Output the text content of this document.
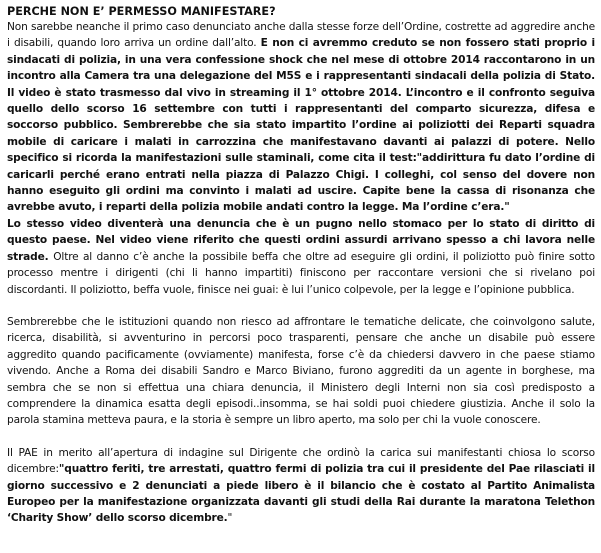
PERCHE NON E’ PERMESSO MANIFESTARE?

Non sarebbe neanche il primo caso denunciato anche dalla stesse forze dell’Ordine, costrette ad aggredire anche i disabili, quando loro arriva un ordine dall’alto. E non ci avremmo creduto se non fossero stati proprio i sindacati di polizia, in una vera confessione shock che nel mese di ottobre 2014 raccontarono in un incontro alla Camera tra una delegazione del M5S e i rappresentanti sindacali della polizia di Stato. Il video è stato trasmesso dal vivo in streaming il 1° ottobre 2014. L’incontro e il confronto seguiva quello dello scorso 16 settembre con tutti i rappresentanti del comparto sicurezza, difesa e soccorso pubblico. Sembrerebbe che sia stato impartito l’ordine ai poliziotti dei Reparti squadra mobile di caricare i malati in carrozzina che manifestavano davanti ai palazzi di potere. Nello specifico si ricorda la manifestazioni sulle staminali, come cita il test:"addirittura fu dato l’ordine di caricarli perché erano entrati nella piazza di Palazzo Chigi. I colleghi, col senso del dovere non hanno eseguito gli ordini ma convinto i malati ad uscire. Capite bene la cassa di risonanza che avrebbe avuto, i reparti della polizia mobile andati contro la legge. Ma l’ordine c’era."
Lo stesso video diventerà una denuncia che è un pugno nello stomaco per lo stato di diritto di questo paese. Nel video viene riferito che questi ordini assurdi arrivano spesso a chi lavora nelle strade. Oltre al danno c’è anche la possibile beffa che oltre ad eseguire gli ordini, il poliziotto può finire sotto processo mentre i dirigenti (chi li hanno impartiti) finiscono per raccontare versioni che si rivelano poi discordanti. Il poliziotto, beffa vuole, finisce nei guai: è lui l’unico colpevole, per la legge e l’opinione pubblica.

Sembrerebbe che le istituzioni quando non riesco ad affrontare le tematiche delicate, che coinvolgono salute, ricerca, disabilità, si avventurino in percorsi poco trasparenti, pensare che anche un disabile può essere aggredito quando pacificamente (ovviamente) manifesta, forse c’è da chiedersi davvero in che paese stiamo vivendo. Anche a Roma dei disabili Sandro e Marco Biviano, furono aggrediti da un agente in borghese, ma sembra che se non si effettua una chiara denuncia, il Ministero degli Interni non sia così predisposto a comprendere la dinamica esatta degli episodi..insomma, se hai soldi puoi chiedere giustizia. Anche il solo la parola stamina metteva paura, e la storia è sempre un libro aperto, ma solo per chi la vuole conoscere.

Il PAE in merito all’apertura di indagine sul Dirigente che ordinò la carica sui manifestanti chiosa lo scorso dicembre:"quattro feriti, tre arrestati, quattro fermi di polizia tra cui il presidente del Pae rilasciati il giorno successivo e 2 denunciati a piede libero è il bilancio che è costato al Partito Animalista Europeo per la manifestazione organizzata davanti gli studi della Rai durante la maratona Telethon ‘Charity Show’ dello scorso dicembre."
